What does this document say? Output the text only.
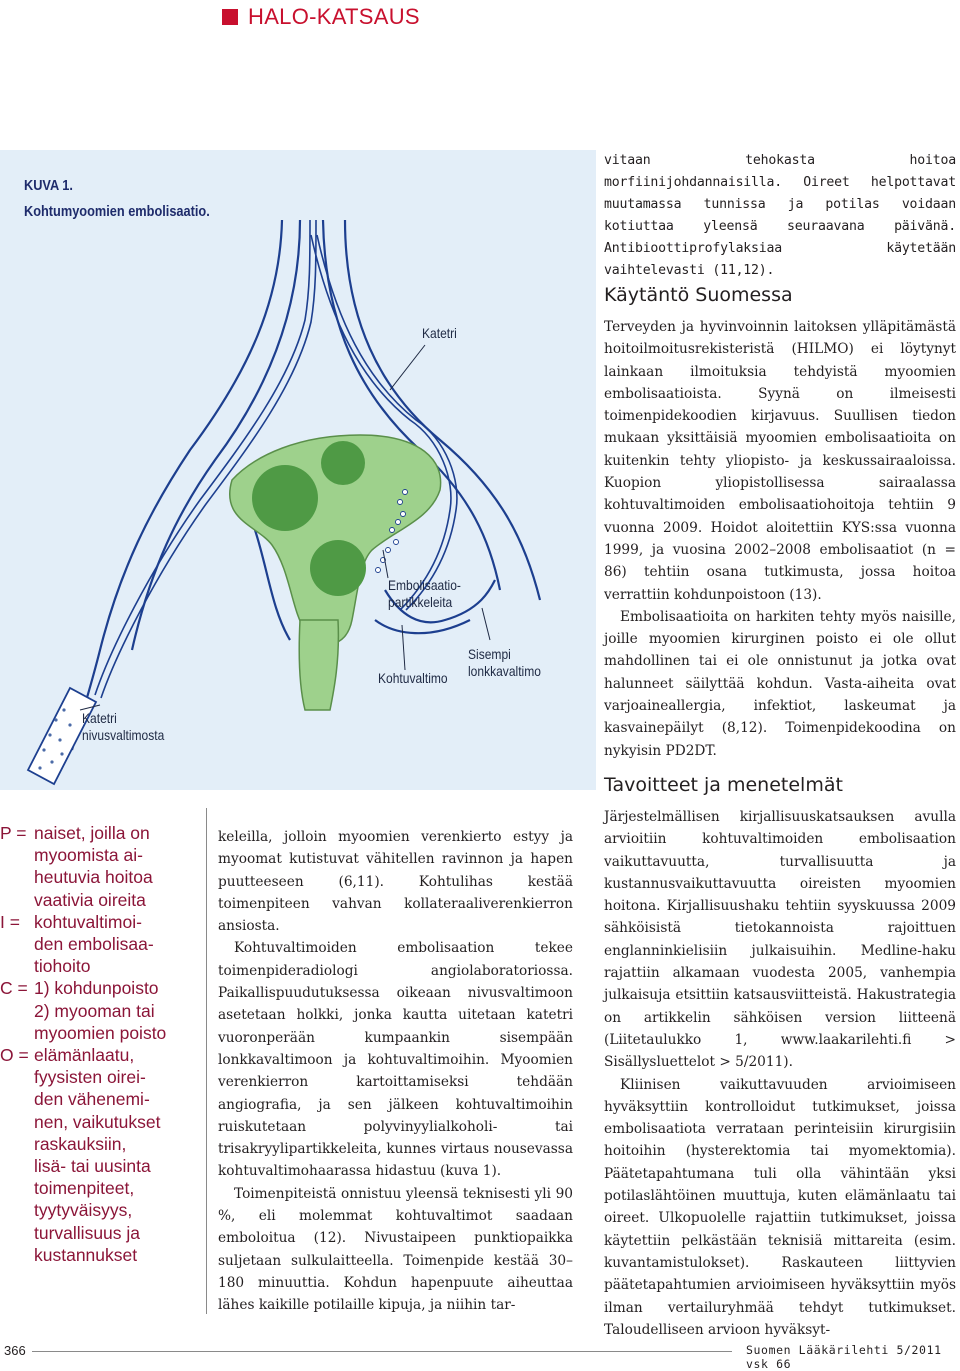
HALO-KATSAUS
KUVA 1.
Kohtumyoomien embolisaatio.
Katetri
Embolisaatio-
partikkeleita
Kohtuvaltimo
Sisempi
lonkkavaltimo
Katetri
nivusvaltimosta
P = naiset, joilla on
myoomista ai-
heutuvia hoitoa
vaativia oireita
I = kohtuvaltimoi-
den embolisaa-
tiohoito
C = 1) kohdunpoisto
2) myooman tai
myoomien poisto
O = elämänlaatu,
fyysisten oirei-
den vähenemi-
nen, vaikutukset
raskauksiin,
lisä- tai uusinta
toimenpiteet,
tyytyväisyys,
turvallisuus ja
kustannukset

keleilla, jolloin myoomien verenkierto estyy ja myoomat kutistuvat vähitellen ravinnon ja hapen puutteeseen (6,11). Kohtulihas kestää toimenpiteen vahvan kollateraaliverenkierron ansiosta.

Kohtuvaltimoiden embolisaation tekee toimenpideradiologi angiolaboratoriossa. Paikallispuudutuksessa oikeaan nivusvaltimoon asetetaan holkki, jonka kautta uitetaan katetri vuoronperään kumpaankin sisempään lonkkavaltimoon ja kohtuvaltimoihin. Myoomien verenkierron kartoittamiseksi tehdään angiografia, ja sen jälkeen kohtuvaltimoihin ruiskutetaan polyvinyylialkoholi- tai trisakryylipartikkeleita, kunnes virtaus nousevassa kohtuvaltimohaarassa hidastuu (kuva 1).

Toimenpiteistä onnistuu yleensä teknisesti yli 90 %, eli molemmat kohtuvaltimot saadaan emboloitua (12). Nivustaipeen punktiopaikka suljetaan sulkulaitteella. Toimenpide kestää 30–180 minuuttia. Kohdun hapenpuute aiheuttaa lähes kaikille potilaille kipuja, ja niihin tar-

vitaan tehokasta hoitoa morfiinijohdannaisilla. Oireet helpottavat muutamassa tunnissa ja potilas voidaan kotiuttaa yleensä seuraavana päivänä. Antibioottiprofylaksiaa käytetään vaihtelevasti (11,12).

Käytäntö Suomessa

Terveyden ja hyvinvoinnin laitoksen ylläpitämästä hoitoilmoitusrekisteristä (HILMO) ei löytynyt lainkaan ilmoituksia tehdyistä myoomien embolisaatioista. Syynä on ilmeisesti toimenpidekoodien kirjavuus. Suullisen tiedon mukaan yksittäisiä myoomien embolisaatioita on kuitenkin tehty yliopisto- ja keskussairaaloissa. Kuopion yliopistollisessa sairaalassa kohtuvaltimoiden embolisaatiohoitoja tehtiin 9 vuonna 2009. Hoidot aloitettiin KYS:ssa vuonna 1999, ja vuosina 2002–2008 embolisaatiot (n = 86) tehtiin osana tutkimusta, jossa hoitoa verrattiin kohdunpoistoon (13).

Embolisaatioita on harkiten tehty myös naisille, joille myoomien kirurginen poisto ei ole ollut mahdollinen tai ei ole onnistunut ja jotka ovat halunneet säilyttää kohdun. Vasta-aiheita ovat varjoaineallergia, infektiot, laskeumat ja kasvainepäilyt (8,12). Toimenpidekoodina on nykyisin PD2DT.

Tavoitteet ja menetelmät

Järjestelmällisen kirjallisuuskatsauksen avulla arvioitiin kohtuvaltimoiden embolisaation vaikuttavuutta, turvallisuutta ja kustannusvaikuttavuutta oireisten myoomien hoitona. Kirjallisuushaku tehtiin syyskuussa 2009 sähköisistä tietokannoista rajoittuen englanninkielisiin julkaisuihin. Medline-haku rajattiin alkamaan vuodesta 2005, vanhempia julkaisuja etsittiin katsausviitteistä. Hakustrategia on artikkelin sähköisen version liitteenä (Liitetaulukko 1, www.laakarilehti.fi > Sisällysluettelot > 5/2011).

Kliinisen vaikuttavuuden arvioimiseen hyväksyttiin kontrolloidut tutkimukset, joissa embolisaatiota verrataan perinteisiin kirurgisiin hoitoihin (hysterektomia tai myomektomia). Päätetapahtumana tuli olla vähintään yksi potilaslähtöinen muuttuja, kuten elämänlaatu tai oireet. Ulkopuolelle rajattiin tutkimukset, joissa käytettiin pelkästään teknisiä mittareita (esim. kuvantamistulokset). Raskauteen liittyvien päätetapahtumien arvioimiseen hyväksyttiin myös ilman vertailuryhmää tehdyt tutkimukset. Taloudelliseen arvioon hyväksyt-

366	Suomen Lääkärilehti 5/2011 vsk 66
